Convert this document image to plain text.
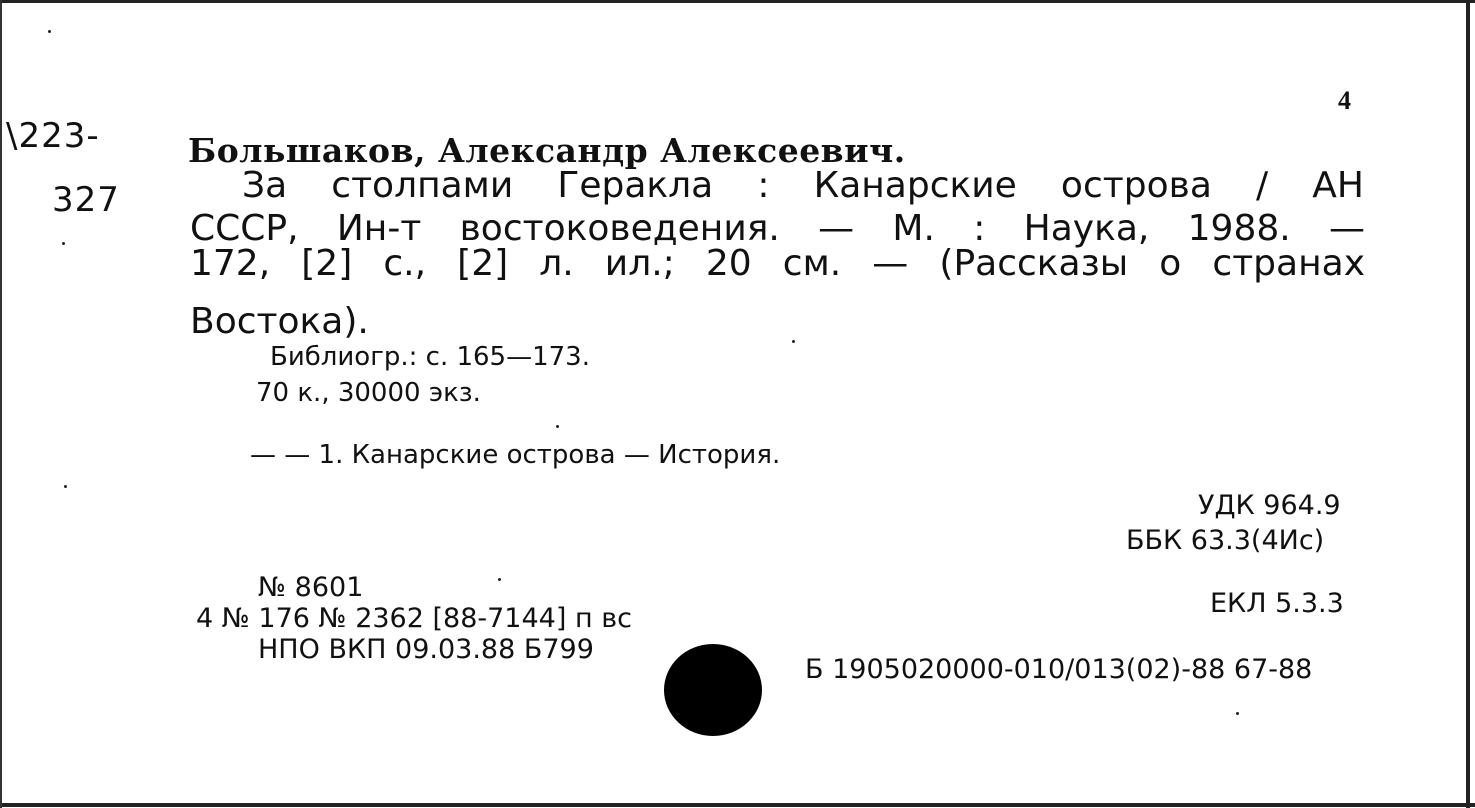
4
\223-
327
Большаков, Александр Алексеевич.
За столпами Геракла : Канарские острова / АН
СССР, Ин-т востоковедения. — М. : Наука, 1988. —
172, [2] с., [2] л. ил.; 20 см. — (Рассказы о странах
Востока).
Библиогр.: с. 165—173.
70 к., 30000 экз.
— — 1. Канарские острова — История.
УДК 964.9
ББК 63.3(4Ис)
ЕКЛ 5.3.3
№ 8601
4 № 176 № 2362 [88-7144] п вс
НПО ВКП 09.03.88 Б799
Б 1905020000-010/013(02)-88 67-88
